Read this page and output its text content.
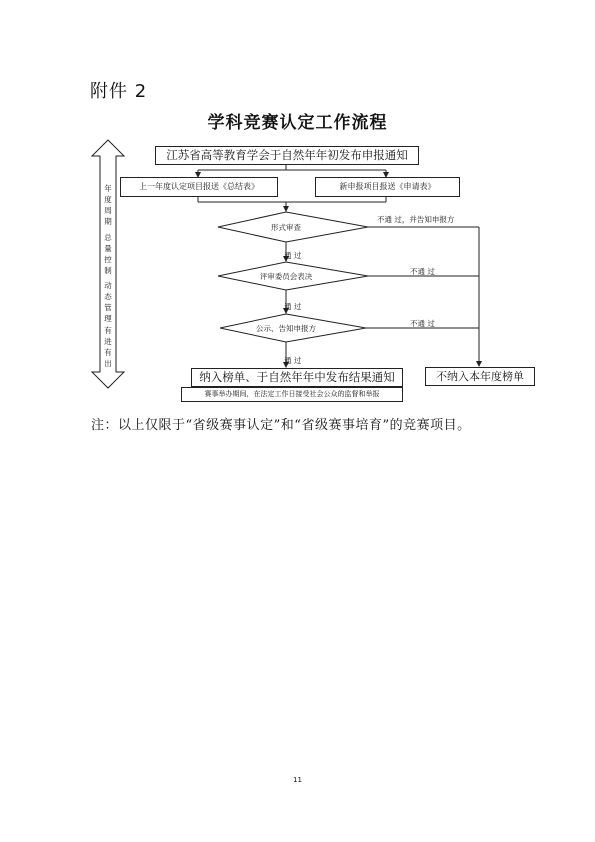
附件 2
学科竞赛认定工作流程
江苏省高等教育学会于自然年年初发布申报通知
上一年度认定项目报送《总结表》	新申报项目报送《申请表》
形式审查
评审委员会表决
公示、告知申报方
通 过
通 过
通 过
不通 过，并告知申报方
不通 过
不通 过
纳入榜单、于自然年年中发布结果通知
赛事举办期间，在法定工作日接受社会公众的监督和举报
不纳入本年度榜单
年度周期
总量控制
动态管理
有进有出
注：以上仅限于“省级赛事认定”和“省级赛事培育”的竞赛项目。
11
